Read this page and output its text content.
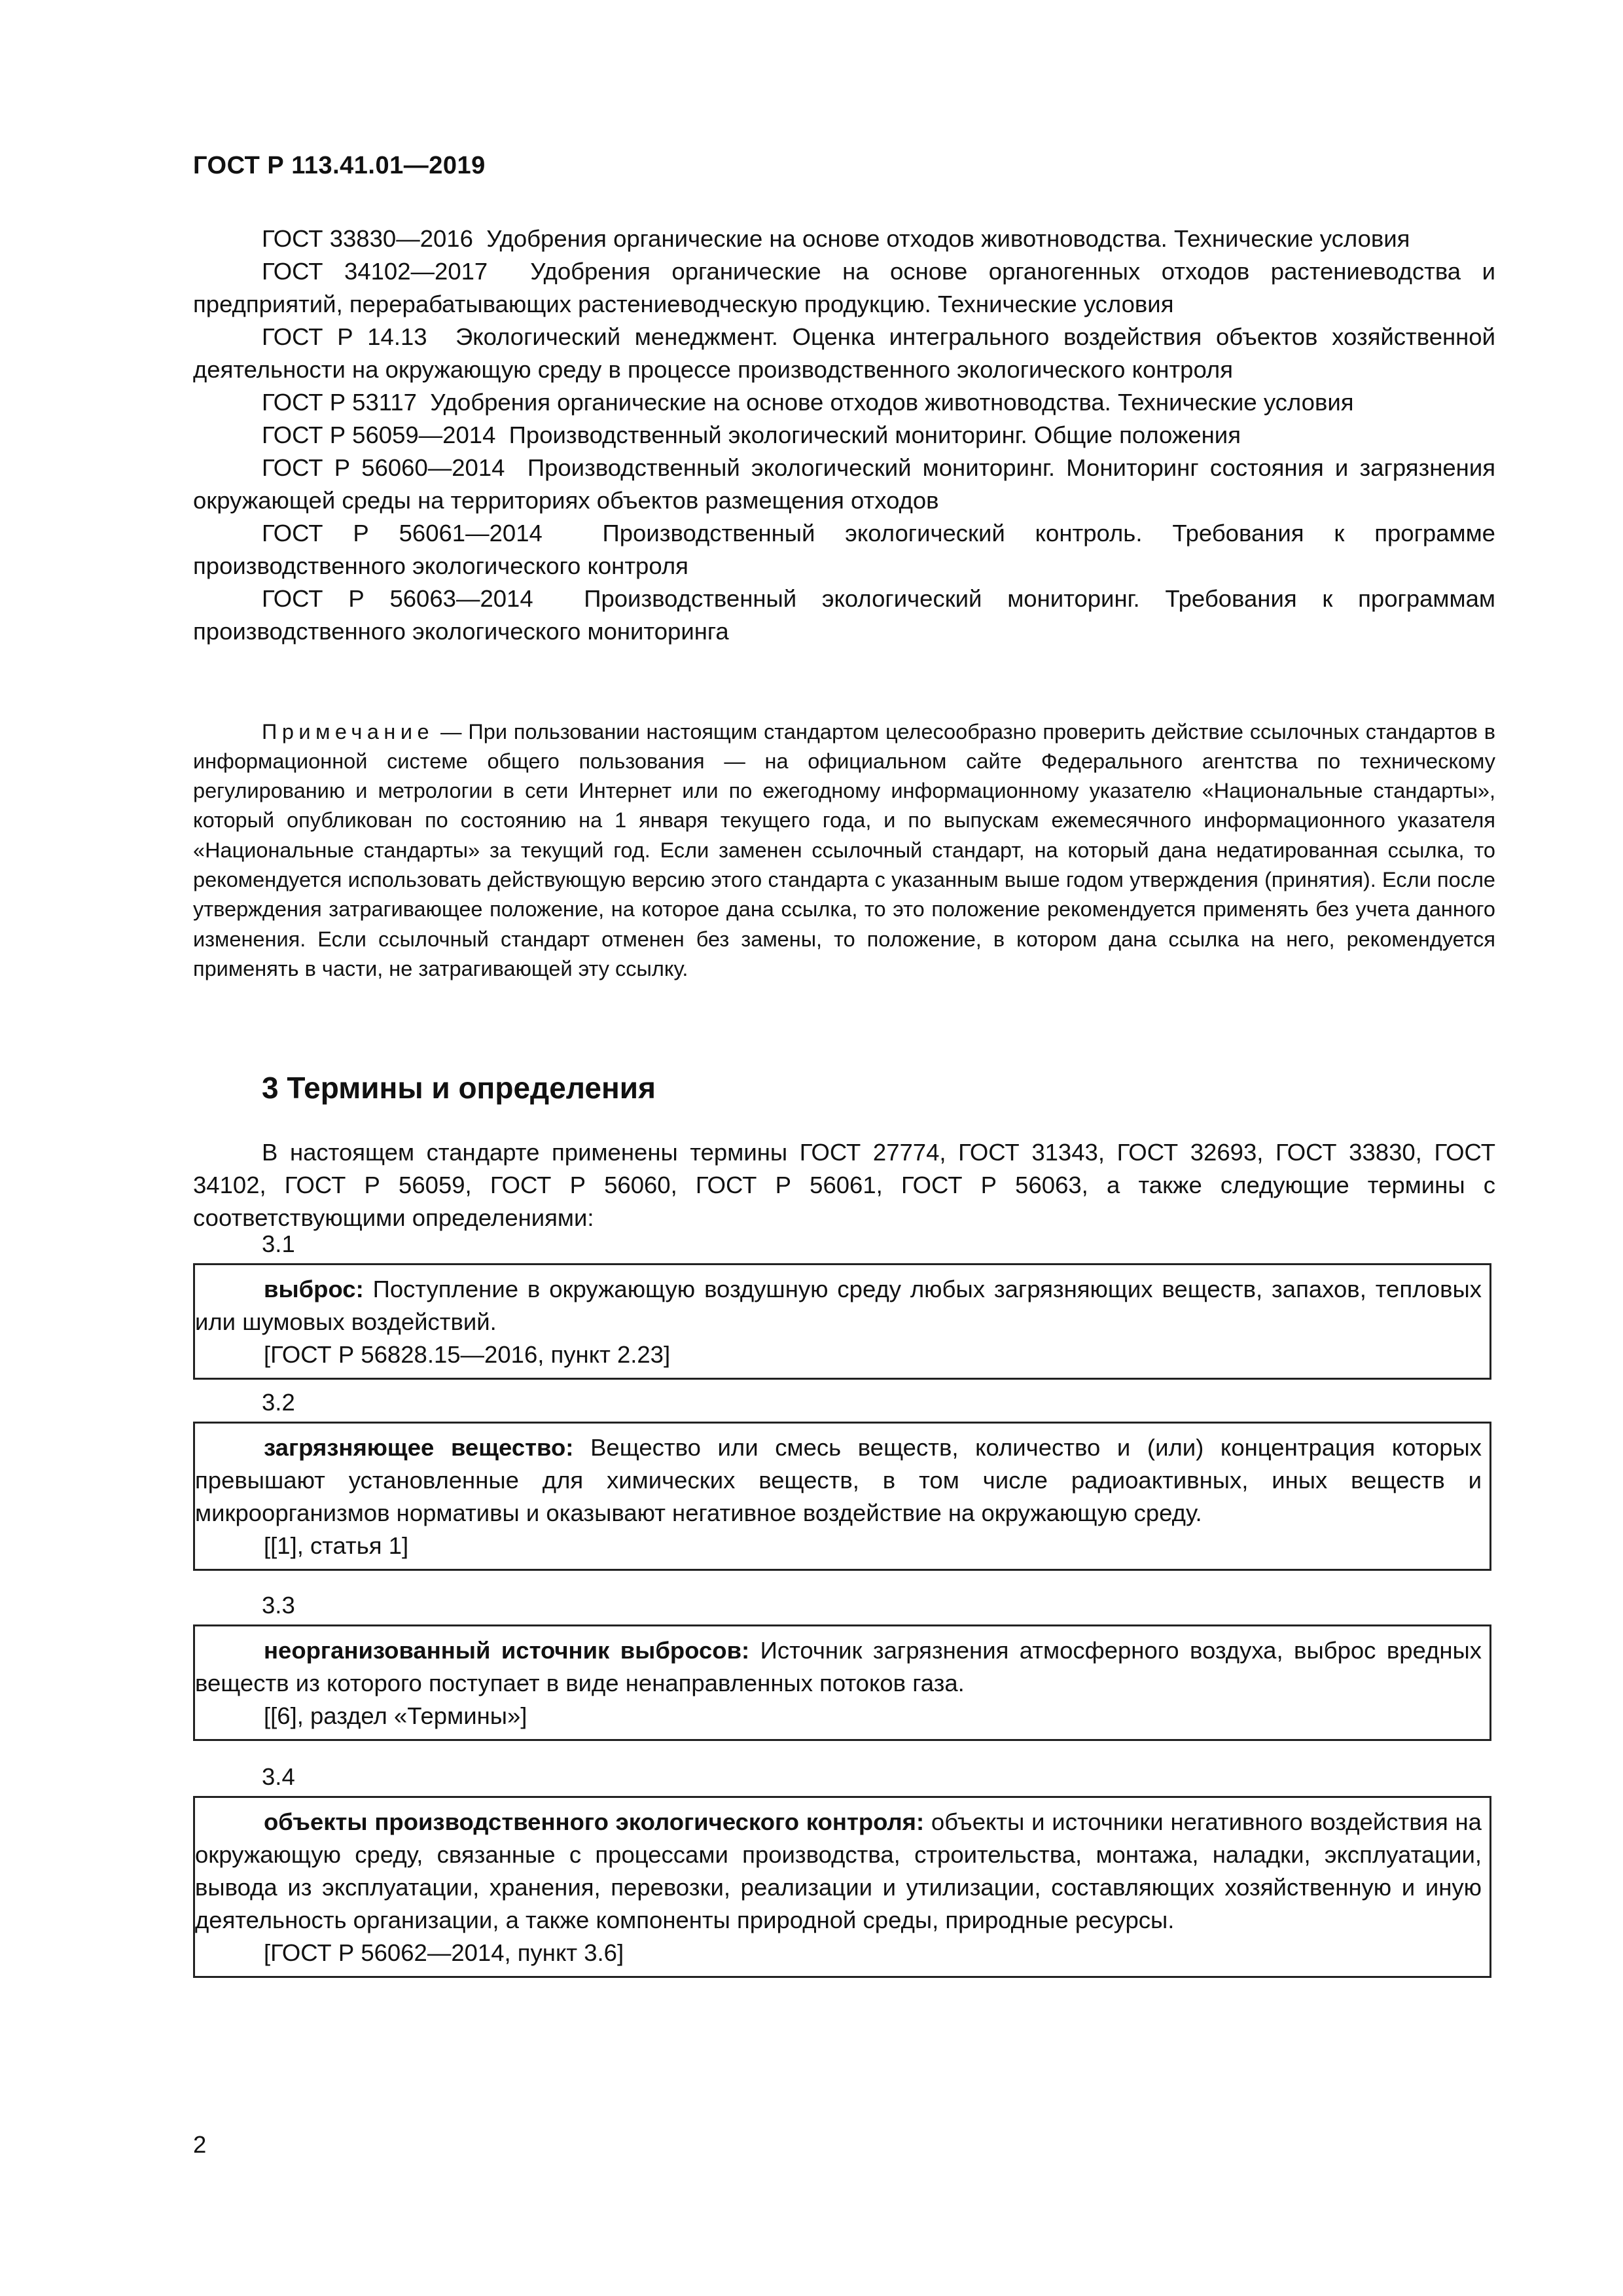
ГОСТ Р 113.41.01—2019

ГОСТ 33830—2016 Удобрения органические на основе отходов животноводства. Технические условия

ГОСТ 34102—2017 Удобрения органические на основе органогенных отходов растениеводства и предприятий, перерабатывающих растениеводческую продукцию. Технические условия

ГОСТ Р 14.13 Экологический менеджмент. Оценка интегрального воздействия объектов хозяйственной деятельности на окружающую среду в процессе производственного экологического контроля

ГОСТ Р 53117 Удобрения органические на основе отходов животноводства. Технические условия

ГОСТ Р 56059—2014 Производственный экологический мониторинг. Общие положения

ГОСТ Р 56060—2014 Производственный экологический мониторинг. Мониторинг состояния и загрязнения окружающей среды на территориях объектов размещения отходов

ГОСТ Р 56061—2014	Производственный экологический контроль. Требования к программе производственного экологического контроля

ГОСТ Р 56063—2014 Производственный экологический мониторинг. Требования к программам производственного экологического мониторинга

Примечание — При пользовании настоящим стандартом целесообразно проверить действие ссылочных стандартов в информационной системе общего пользования — на официальном сайте Федерального агентства по техническому регулированию и метрологии в сети Интернет или по ежегодному информационному указателю «Национальные стандарты», который опубликован по состоянию на 1 января текущего года, и по выпускам ежемесячного информационного указателя «Национальные стандарты» за текущий год. Если заменен ссылочный стандарт, на который дана недатированная ссылка, то рекомендуется использовать действующую версию этого стандарта с указанным выше годом утверждения (принятия). Если после утверждения затрагивающее положение, на которое дана ссылка, то это положение рекомендуется применять без учета данного изменения. Если ссылочный стандарт отменен без замены, то положение, в котором дана ссылка на него, рекомендуется применять в части, не затрагивающей эту ссылку.

3 Термины и определения

В настоящем стандарте применены термины ГОСТ 27774, ГОСТ 31343, ГОСТ 32693, ГОСТ 33830, ГОСТ 34102, ГОСТ Р 56059, ГОСТ Р 56060, ГОСТ Р 56061, ГОСТ Р 56063, а также следующие термины с соответствующими определениями:

3.1

выброс: Поступление в окружающую воздушную среду любых загрязняющих веществ, запахов, тепловых или шумовых воздействий.

[ГОСТ Р 56828.15—2016, пункт 2.23]

3.2

загрязняющее вещество: Вещество или смесь веществ, количество и (или) концентрация которых превышают установленные для химических веществ, в том числе радиоактивных, иных веществ и микроорганизмов нормативы и оказывают негативное воздействие на окружающую среду.

[[1], статья 1]

3.3

неорганизованный источник выбросов: Источник загрязнения атмосферного воздуха, выброс вредных веществ из которого поступает в виде ненаправленных потоков газа.

[[6], раздел «Термины»]

3.4

объекты производственного экологического контроля: объекты и источники негативного воздействия на окружающую среду, связанные с процессами производства, строительства, монтажа, наладки, эксплуатации, вывода из эксплуатации, хранения, перевозки, реализации и утилизации, составляющих хозяйственную и иную деятельность организации, а также компоненты природной среды, природные ресурсы.

[ГОСТ Р 56062—2014, пункт 3.6]

2
